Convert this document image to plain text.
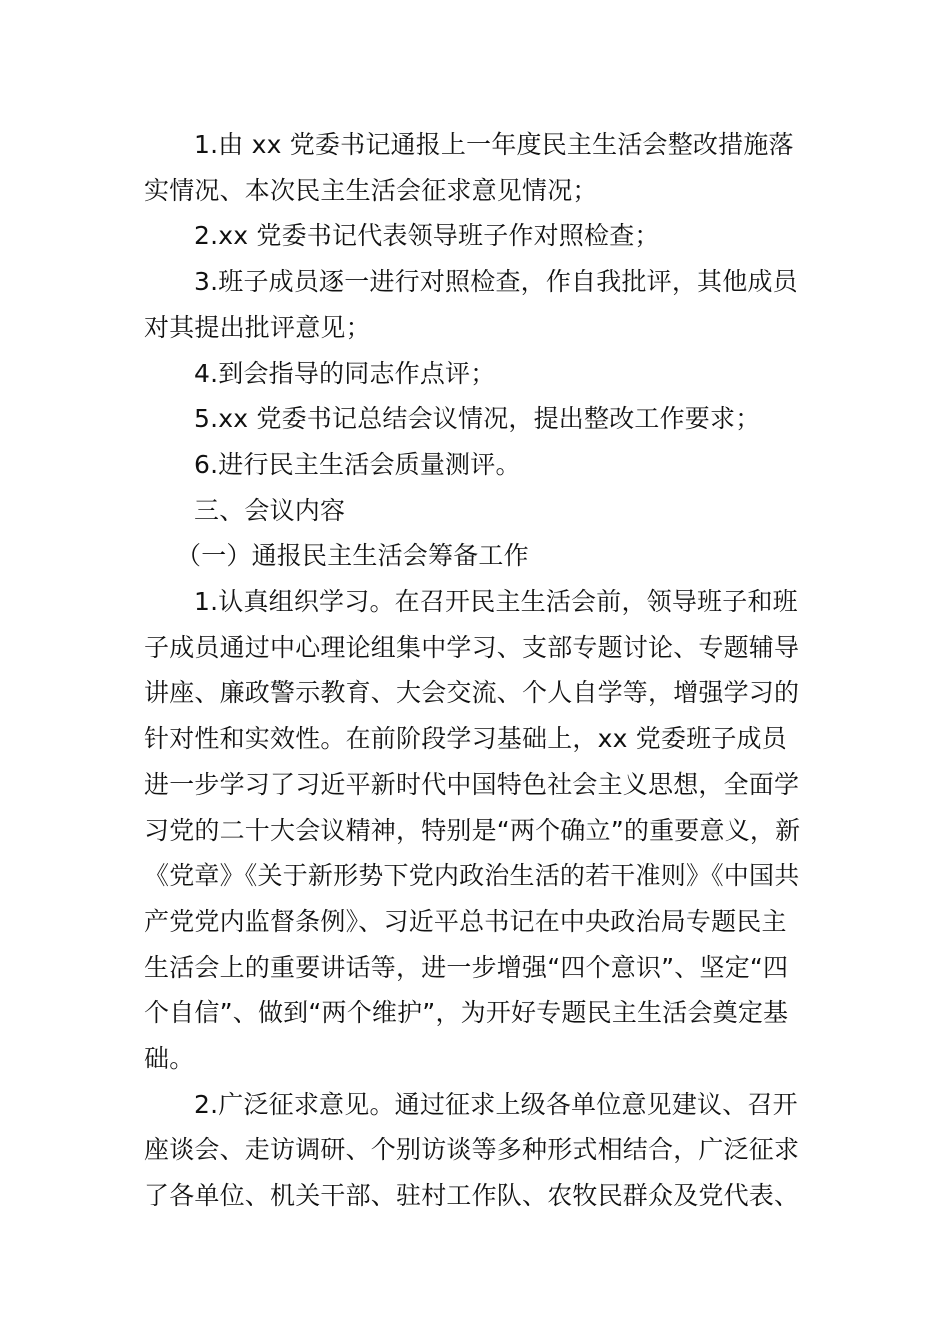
1.由 xx 党委书记通报上一年度民主生活会整改措施落实情况、本次民主生活会征求意见情况；

2.xx 党委书记代表领导班子作对照检查；

3.班子成员逐一进行对照检查，作自我批评，其他成员对其提出批评意见；

4.到会指导的同志作点评；

5.xx 党委书记总结会议情况，提出整改工作要求；

6.进行民主生活会质量测评。

三、会议内容

（一）通报民主生活会筹备工作

1.认真组织学习。在召开民主生活会前，领导班子和班子成员通过中心理论组集中学习、支部专题讨论、专题辅导讲座、廉政警示教育、大会交流、个人自学等，增强学习的针对性和实效性。在前阶段学习基础上，xx 党委班子成员进一步学习了习近平新时代中国特色社会主义思想，全面学习党的二十大会议精神，特别是“两个确立”的重要意义，新《党章》《关于新形势下党内政治生活的若干准则》《中国共产党党内监督条例》、习近平总书记在中央政治局专题民主 生活会上的重要讲话等，进一步增强“四个意识”、坚定“四个自信”、做到“两个维护”，为开好专题民主生活会奠定基础。

2.广泛征求意见。通过征求上级各单位意见建议、召开座谈会、走访调研、个别访谈等多种形式相结合，广泛征求了各单位、机关干部、驻村工作队、农牧民群众及党代表、
